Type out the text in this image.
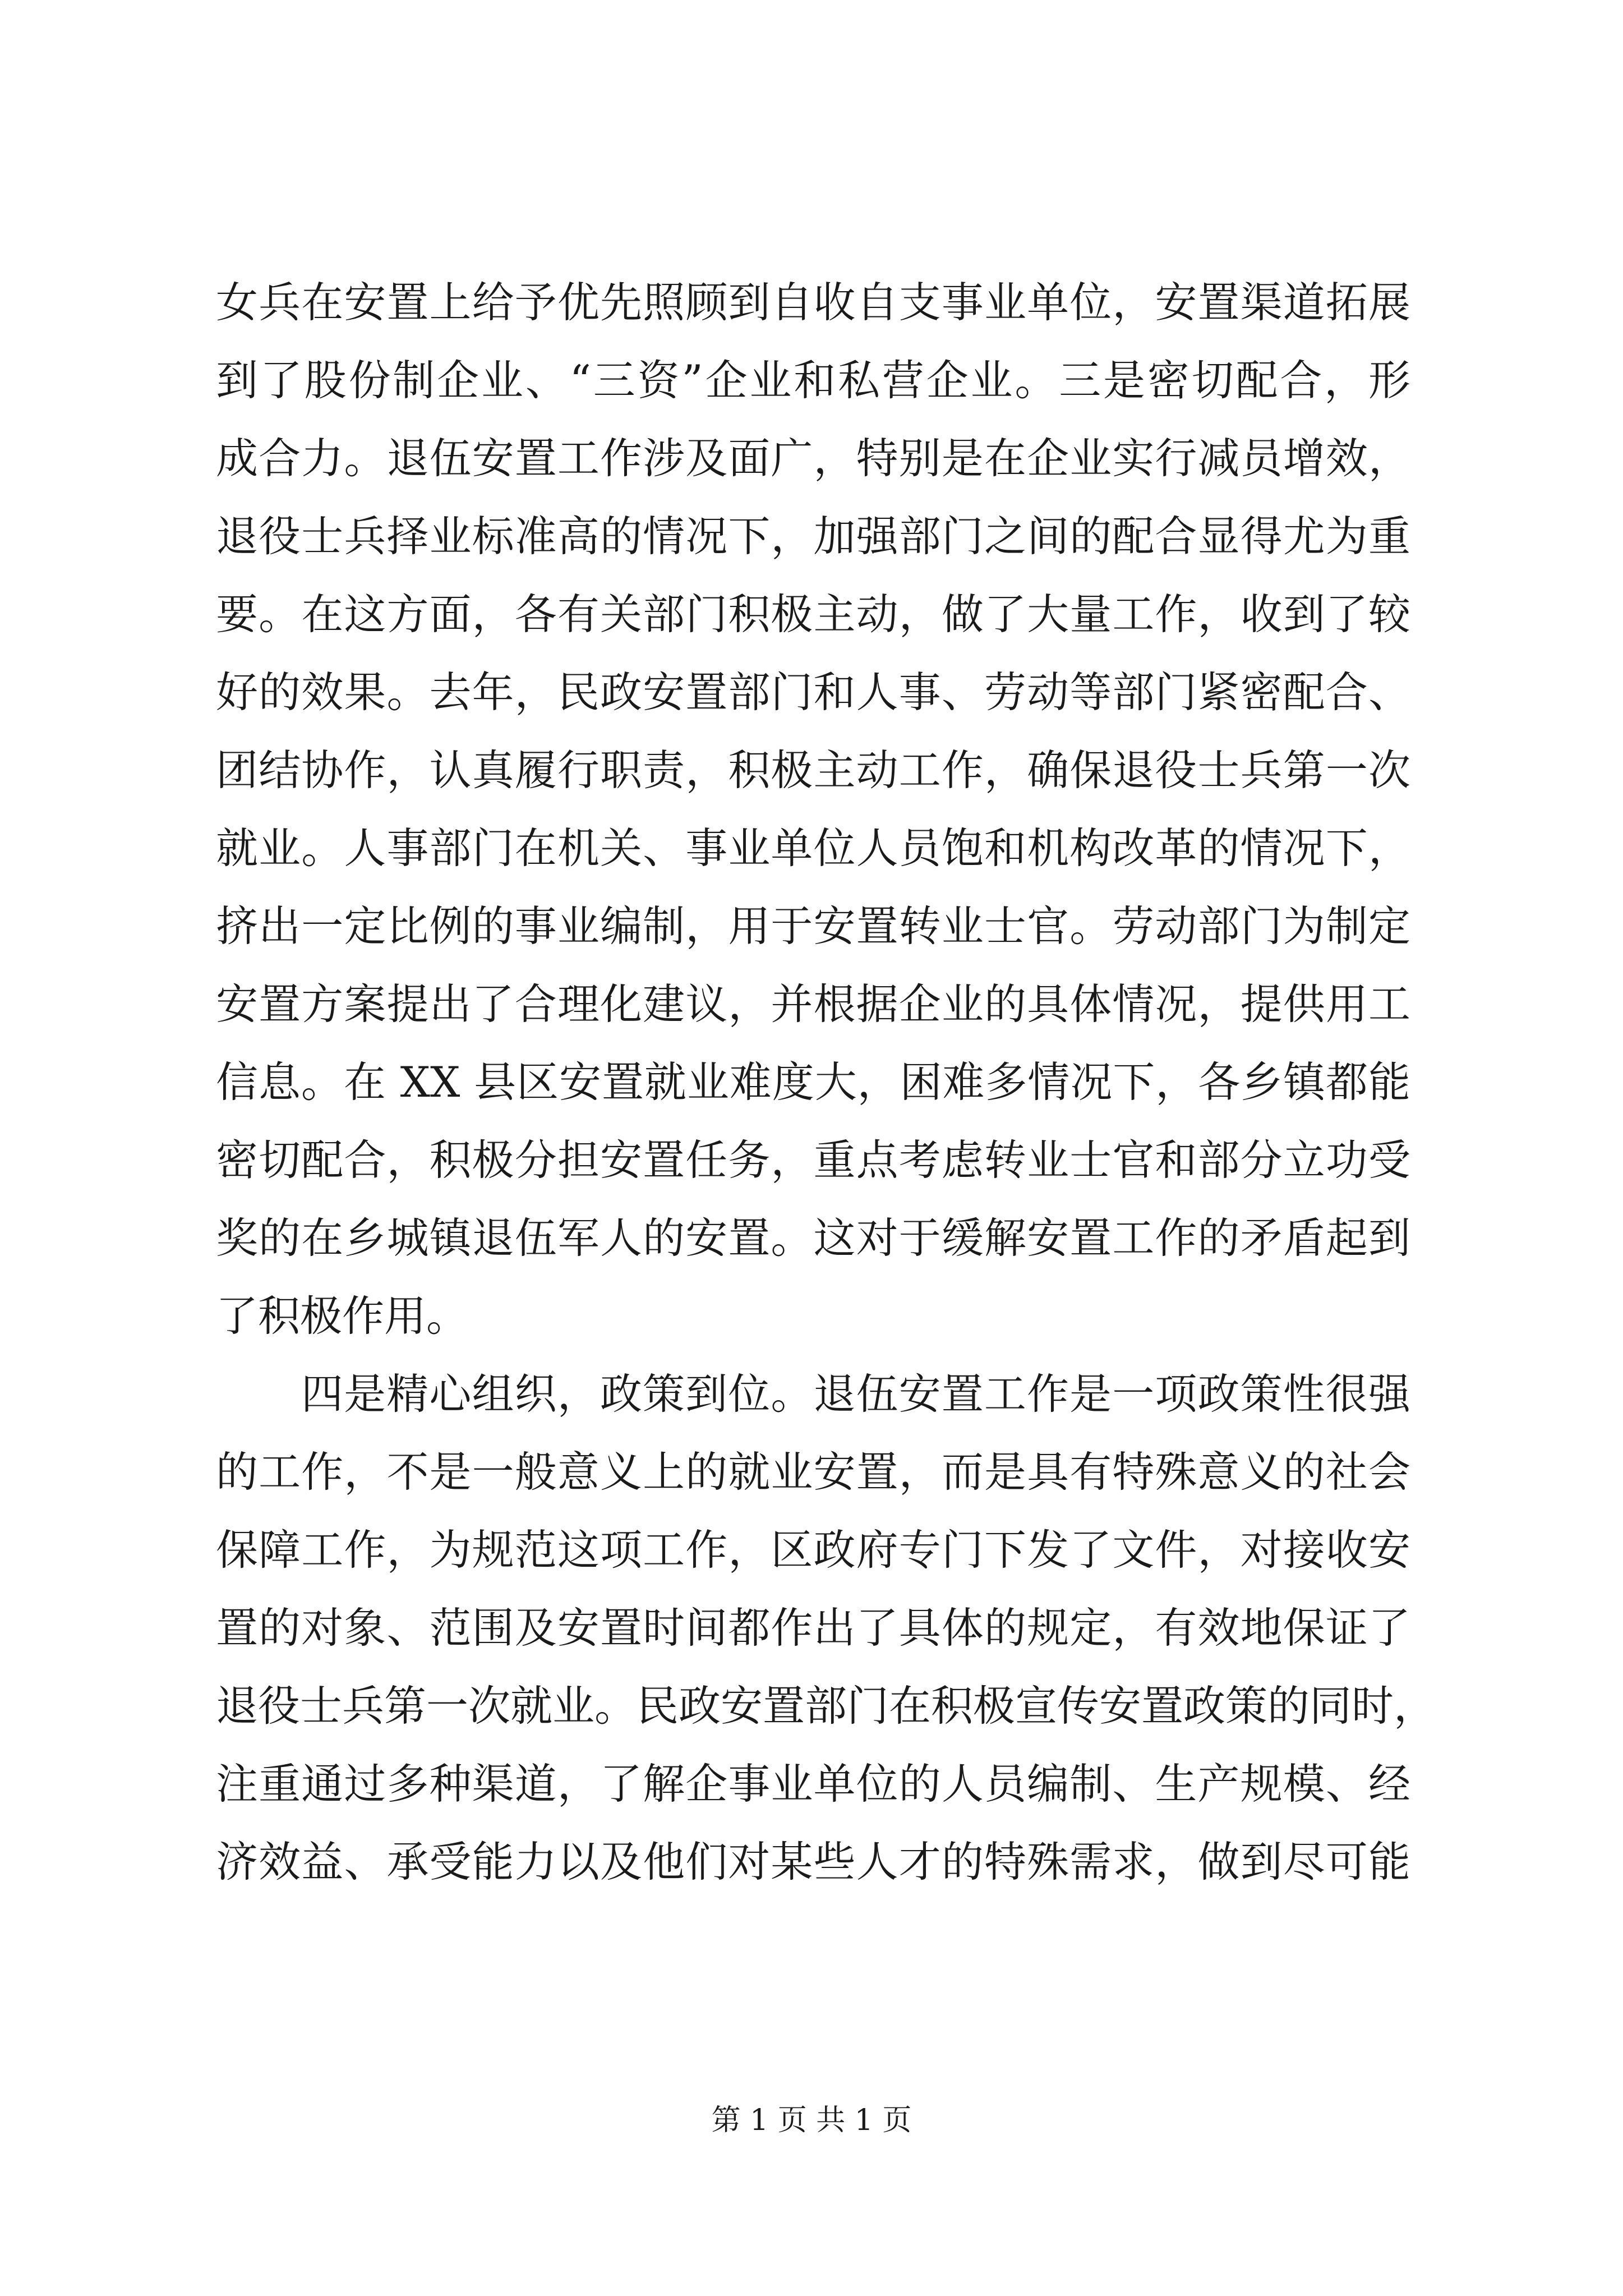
女兵在安置上给予优先照顾到自收自支事业单位，安置渠道拓展
到了股份制企业、“三资”企业和私营企业。三是密切配合，形
成合力。退伍安置工作涉及面广，特别是在企业实行减员增效，
退役士兵择业标准高的情况下，加强部门之间的配合显得尤为重
要。在这方面，各有关部门积极主动，做了大量工作，收到了较
好的效果。去年，民政安置部门和人事、劳动等部门紧密配合、
团结协作，认真履行职责，积极主动工作，确保退役士兵第一次
就业。人事部门在机关、事业单位人员饱和机构改革的情况下，
挤出一定比例的事业编制，用于安置转业士官。劳动部门为制定
安置方案提出了合理化建议，并根据企业的具体情况，提供用工
信息。在 XX 县区安置就业难度大，困难多情况下，各乡镇都能
密切配合，积极分担安置任务，重点考虑转业士官和部分立功受
奖的在乡城镇退伍军人的安置。这对于缓解安置工作的矛盾起到
了积极作用。
四是精心组织，政策到位。退伍安置工作是一项政策性很强
的工作，不是一般意义上的就业安置，而是具有特殊意义的社会
保障工作，为规范这项工作，区政府专门下发了文件，对接收安
置的对象、范围及安置时间都作出了具体的规定，有效地保证了
退役士兵第一次就业。民政安置部门在积极宣传安置政策的同时，
注重通过多种渠道，了解企事业单位的人员编制、生产规模、经
济效益、承受能力以及他们对某些人才的特殊需求，做到尽可能
第 1 页 共 1 页
